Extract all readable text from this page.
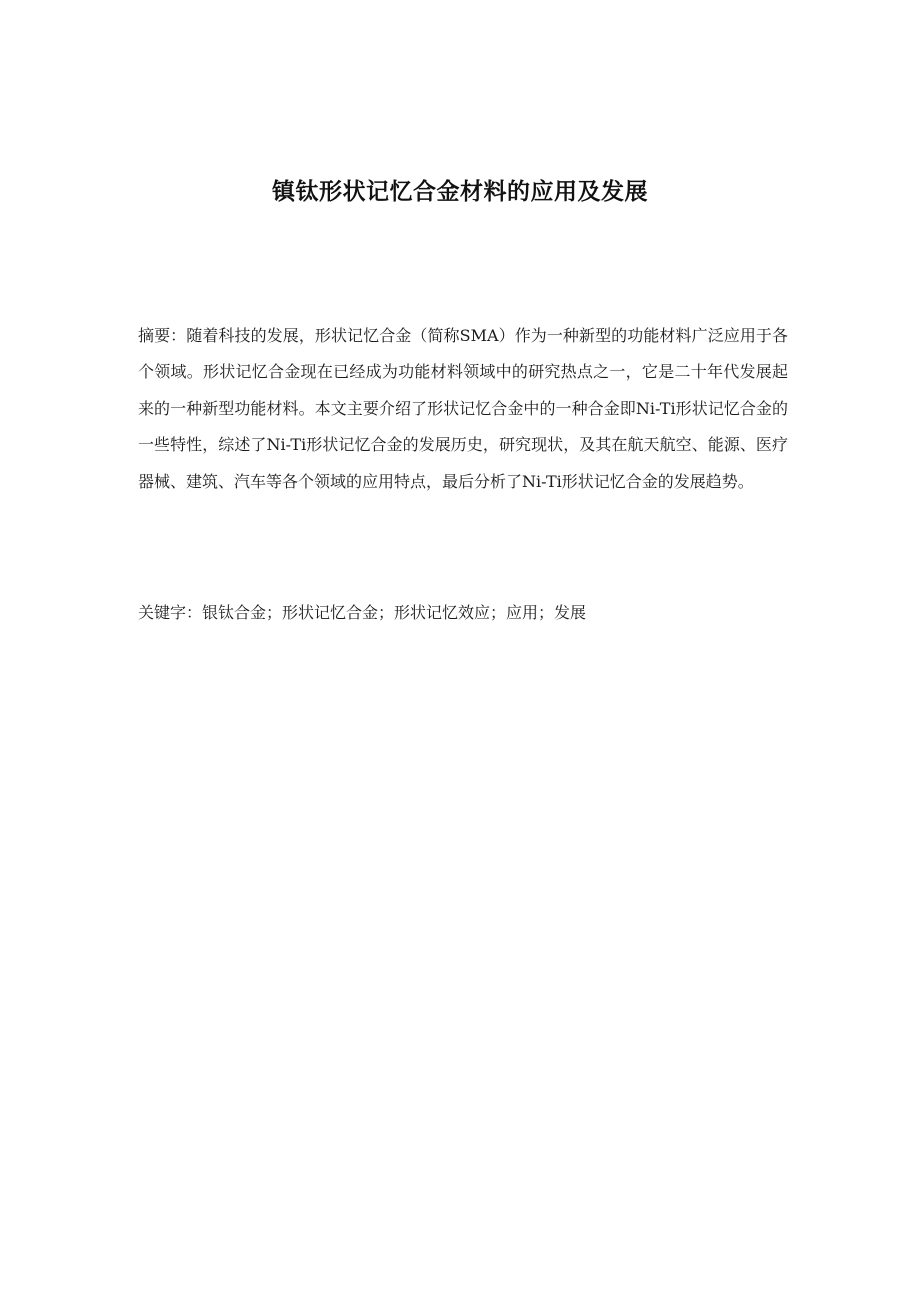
镇钛形状记忆合金材料的应用及发展

摘要：随着科技的发展，形状记忆合金（简称SMA）作为一种新型的功能材料广泛应用于各个领域。形状记忆合金现在已经成为功能材料领域中的研究热点之一，它是二十年代发展起来的一种新型功能材料。本文主要介绍了形状记忆合金中的一种合金即Ni-Ti形状记忆合金的一些特性，综述了Ni-Ti形状记忆合金的发展历史，研究现状，及其在航天航空、能源、医疗器械、建筑、汽车等各个领域的应用特点，最后分析了Ni-Ti形状记忆合金的发展趋势。

关键字：银钛合金；形状记忆合金；形状记忆效应；应用；发展
